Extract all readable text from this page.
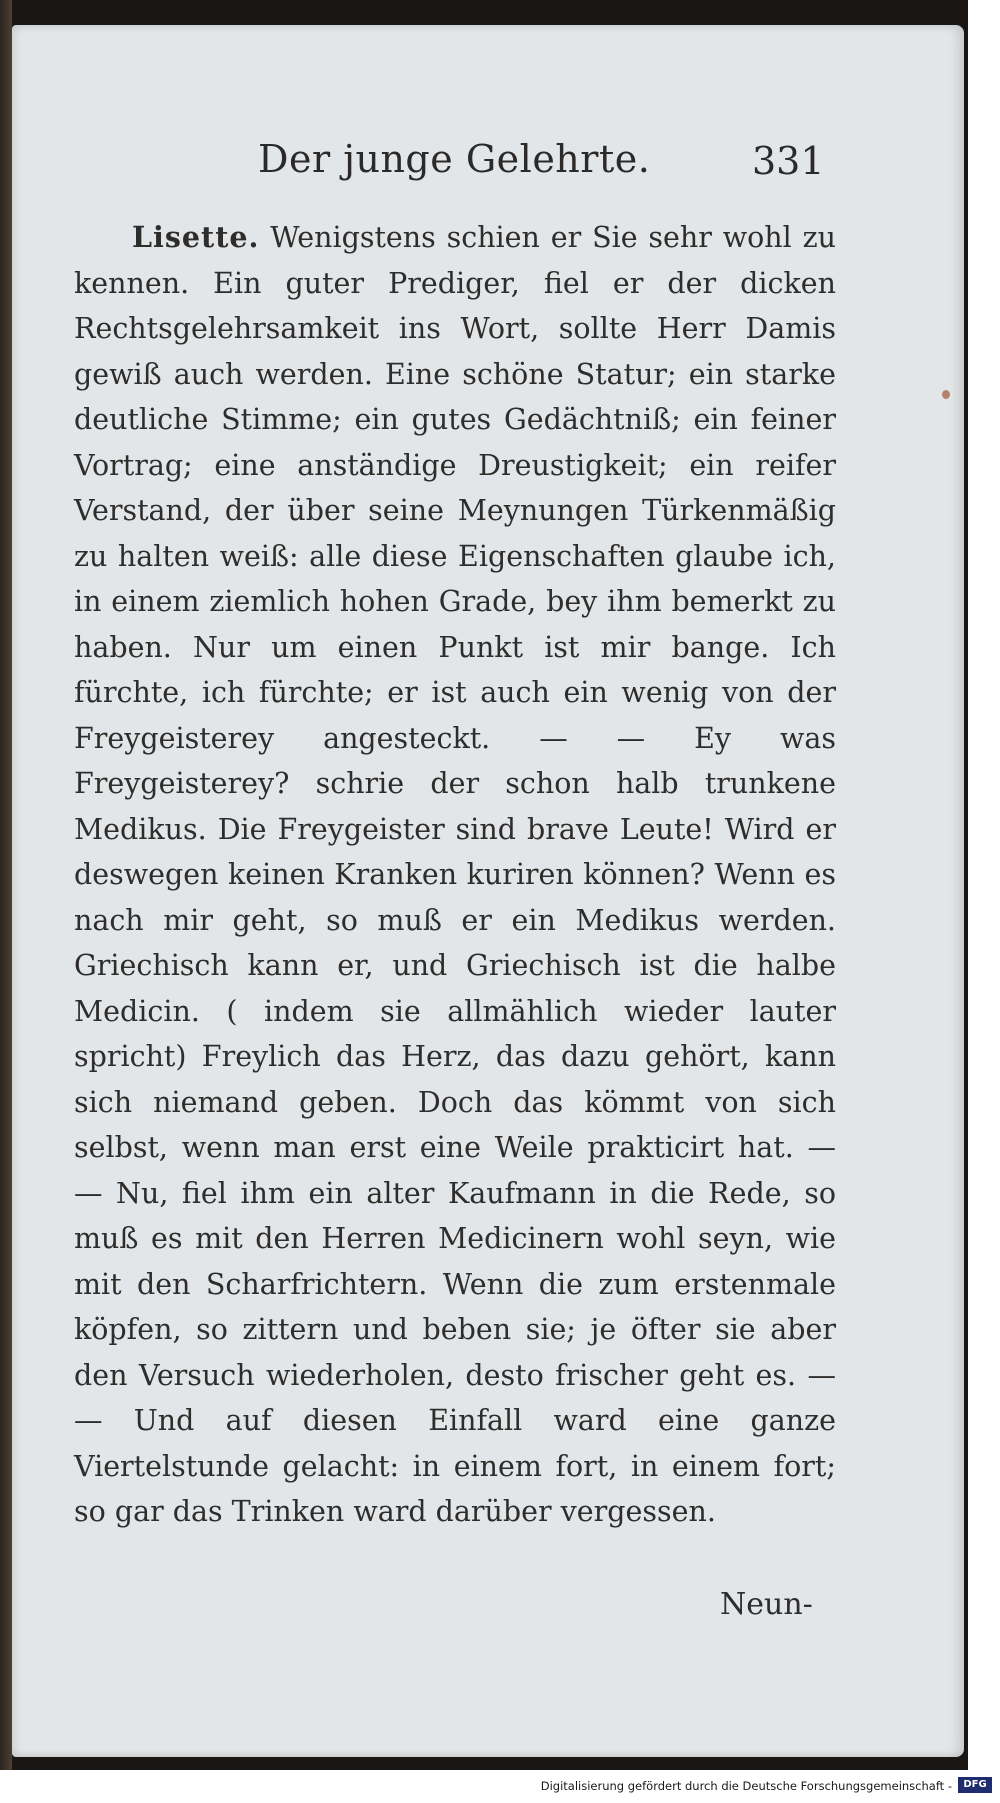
Der junge Gelehrte.	331

Lisette. Wenigstens schien er Sie sehr wohl zu kennen. Ein guter Prediger, fiel er der dicken Rechtsgelehrsamkeit ins Wort, sollte Herr Damis gewiß auch werden. Eine schöne Statur; ein starke deutliche Stimme; ein gutes Gedächtniß; ein feiner Vortrag; eine anständige Dreustigkeit; ein reifer Verstand, der über seine Meynungen Türkenmäßig zu halten weiß: alle diese Eigenschaften glaube ich, in einem ziemlich hohen Grade, bey ihm bemerkt zu haben. Nur um einen Punkt ist mir bange. Ich fürchte, ich fürchte; er ist auch ein wenig von der Freygeisterey angesteckt. — — Ey was Freygeisterey? schrie der schon halb trunkene Medikus. Die Freygeister sind brave Leute! Wird er deswegen keinen Kranken kuriren können? Wenn es nach mir geht, so muß er ein Medikus werden. Griechisch kann er, und Griechisch ist die halbe Medicin. ( indem sie allmählich wieder lauter spricht) Freylich das Herz, das dazu gehört, kann sich niemand geben. Doch das kömmt von sich selbst, wenn man erst eine Weile prakticirt hat. — — Nu, fiel ihm ein alter Kaufmann in die Rede, so muß es mit den Herren Medicinern wohl seyn, wie mit den Scharfrichtern. Wenn die zum erstenmale köpfen, so zittern und beben sie; je öfter sie aber den Versuch wiederholen, desto frischer geht es. — — Und auf diesen Einfall ward eine ganze Viertelstunde gelacht: in einem fort, in einem fort; so gar das Trinken ward darüber vergessen.

Neun-
Digitalisierung gefördert durch die Deutsche Forschungsgemeinschaft -	DFG
